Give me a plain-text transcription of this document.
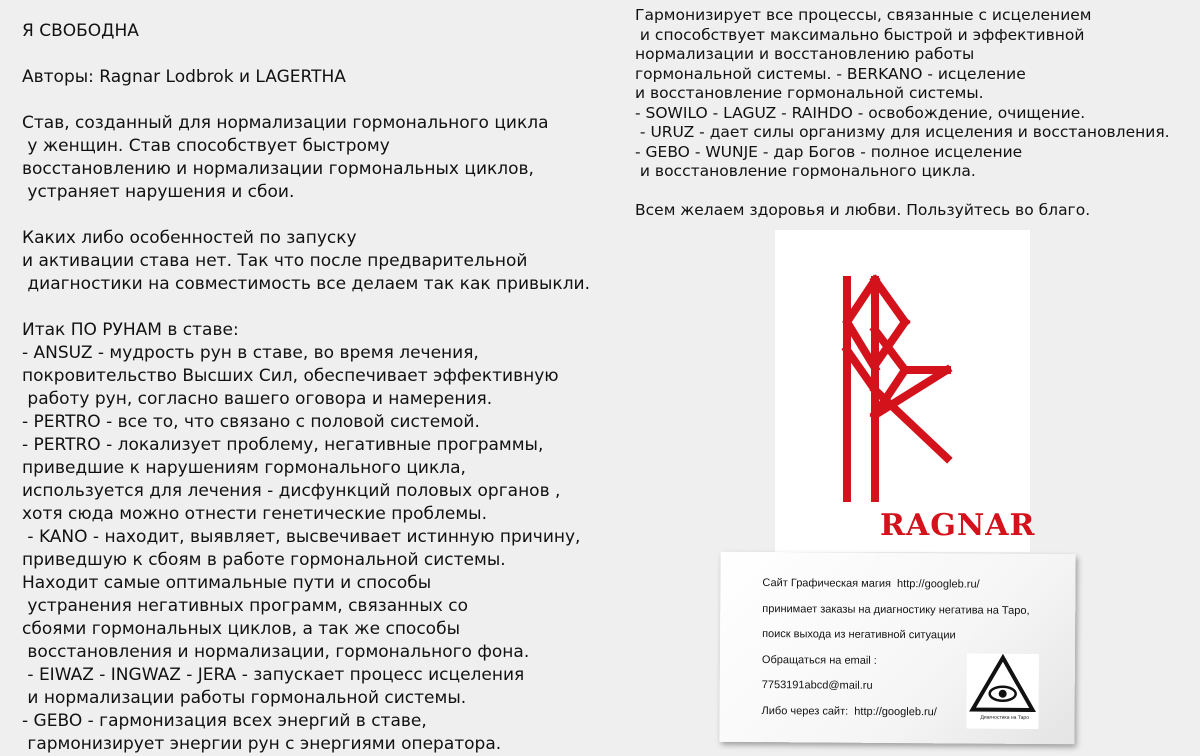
Я СВОБОДНА

Авторы: Ragnar Lodbrok и LAGERTHA

Став, созданный для нормализации гормонального цикла

у женщин. Став способствует быстрому

восстановлению и нормализации гормональных циклов,

устраняет нарушения и сбои.

Каких либо особенностей по запуску

и активации става нет. Так что после предварительной

диагностики на совместимость все делаем так как привыкли.

Итак ПО РУНАМ в ставе:

- ANSUZ - мудрость рун в ставе, во время лечения,

покровительство Высших Сил, обеспечивает эффективную

работу рун, согласно вашего оговора и намерения.

- PERTRO - все то, что связано с половой системой.

- PERTRO - локализует проблему, негативные программы,

приведшие к нарушениям гормонального цикла,

используется для лечения - дисфункций половых органов ,

хотя сюда можно отнести генетические проблемы.

- KANO - находит, выявляет, высвечивает истинную причину,

приведшую к сбоям в работе гормональной системы.

Находит самые оптимальные пути и способы

устранения негативных программ, связанных со

сбоями гормональных циклов, а так же способы

восстановления и нормализации, гормонального фона.

- EIWAZ - INGWAZ - JERA - запускает процесс исцеления

и нормализации работы гормональной системы.

- GEBO - гармонизация всех энергий в ставе,

гармонизирует энергии рун с энергиями оператора.

Гармонизирует все процессы, связанные с исцелением

и способствует максимально быстрой и эффективной

нормализации и восстановлению работы

гормональной системы. - BERKANO - исцеление

и восстановление гормональной системы.

- SOWILO - LAGUZ - RAIHDO - освобождение, очищение.

- URUZ - дает силы организму для исцеления и восстановления.

- GEBO - WUNJE - дар Богов - полное исцеление

и восстановление гормонального цикла.

Всем желаем здоровья и любви. Пользуйтесь во благо.

RAGNAR

Сайт Графическая магия  http://googleb.ru/

принимает заказы на диагностику негатива на Таро,

поиск выхода из негативной ситуации

Обращаться на email :

7753191abcd@mail.ru

Либо через сайт:  http://googleb.ru/	Диагностика на Таро
